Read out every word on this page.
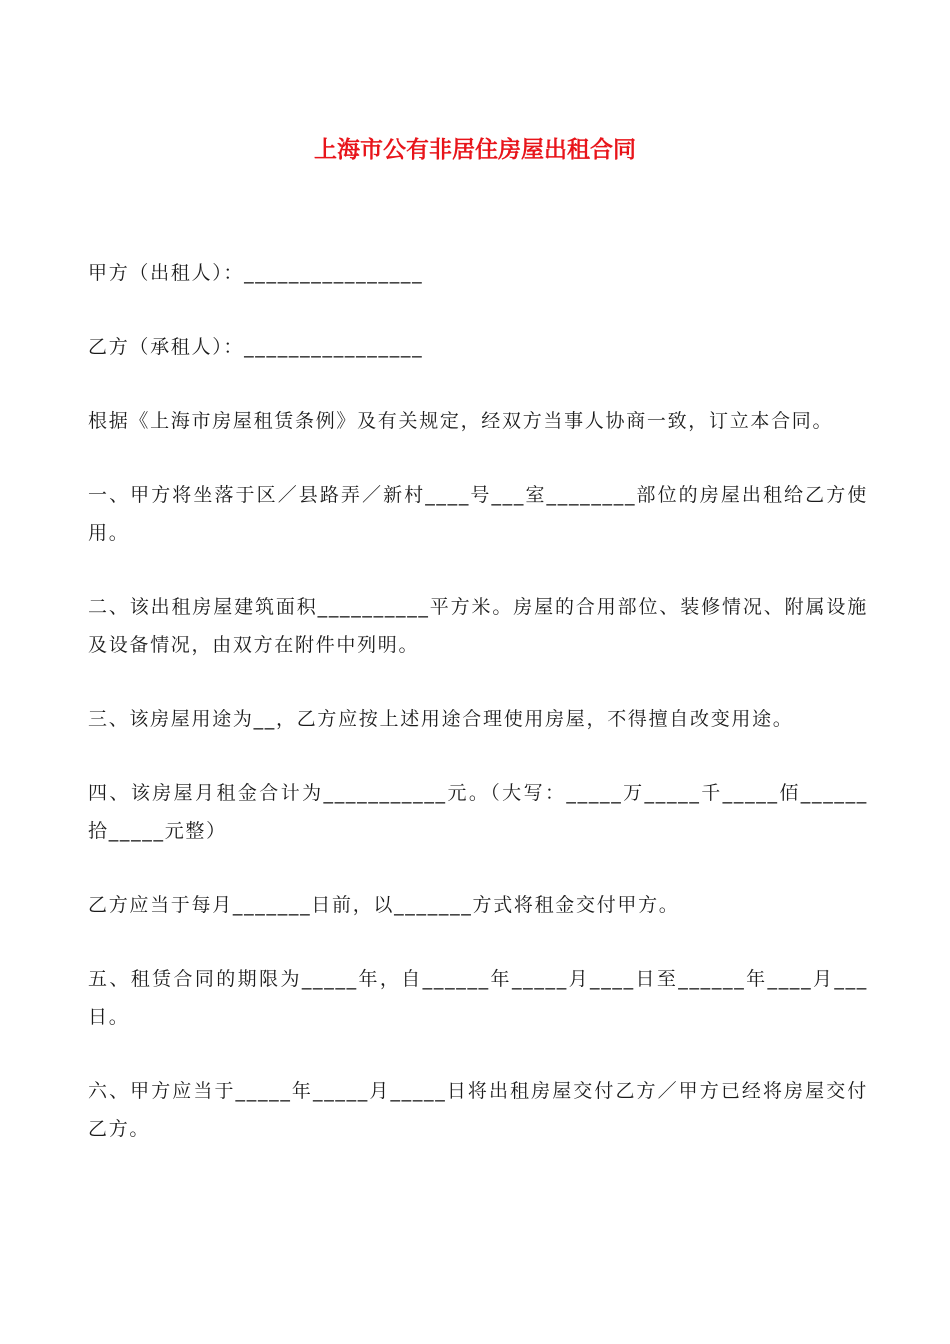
上海市公有非居住房屋出租合同

甲方（出租人）：________________

乙方（承租人）：________________

根据《上海市房屋租赁条例》及有关规定，经双方当事人协商一致，订立本合同。

一、甲方将坐落于区／县路弄／新村____号___室________部位的房屋出租给乙方使用。

二、该出租房屋建筑面积__________平方米。房屋的合用部位、装修情况、附属设施及设备情况，由双方在附件中列明。

三、该房屋用途为__，乙方应按上述用途合理使用房屋，不得擅自改变用途。

四、该房屋月租金合计为___________元。（大写：_____万_____千_____佰______拾_____元整）

乙方应当于每月_______日前，以_______方式将租金交付甲方。

五、租赁合同的期限为_____年，自______年_____月____日至______年____月___日。

六、甲方应当于_____年_____月_____日将出租房屋交付乙方／甲方已经将房屋交付乙方。
